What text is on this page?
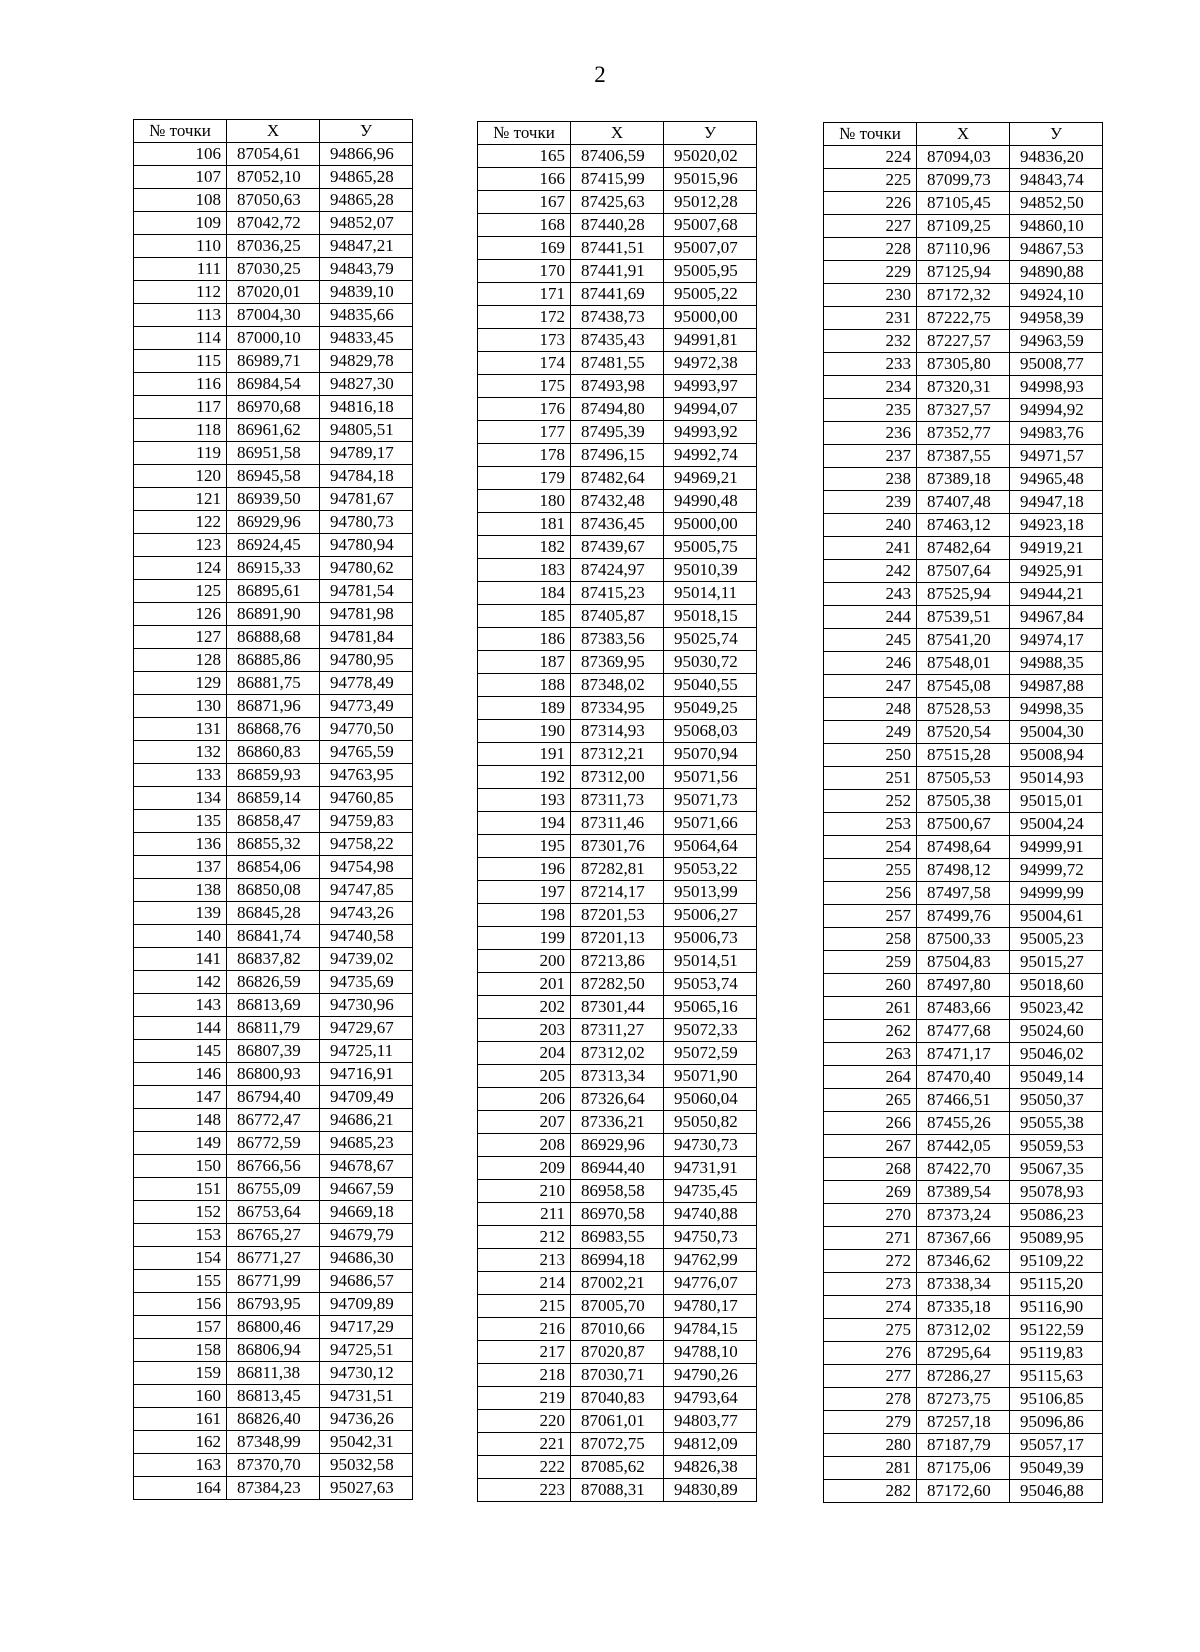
2
№ точки	X	У
106	87054,61	94866,96
107	87052,10	94865,28
108	87050,63	94865,28
109	87042,72	94852,07
110	87036,25	94847,21
111	87030,25	94843,79
112	87020,01	94839,10
113	87004,30	94835,66
114	87000,10	94833,45
115	86989,71	94829,78
116	86984,54	94827,30
117	86970,68	94816,18
118	86961,62	94805,51
119	86951,58	94789,17
120	86945,58	94784,18
121	86939,50	94781,67
122	86929,96	94780,73
123	86924,45	94780,94
124	86915,33	94780,62
125	86895,61	94781,54
126	86891,90	94781,98
127	86888,68	94781,84
128	86885,86	94780,95
129	86881,75	94778,49
130	86871,96	94773,49
131	86868,76	94770,50
132	86860,83	94765,59
133	86859,93	94763,95
134	86859,14	94760,85
135	86858,47	94759,83
136	86855,32	94758,22
137	86854,06	94754,98
138	86850,08	94747,85
139	86845,28	94743,26
140	86841,74	94740,58
141	86837,82	94739,02
142	86826,59	94735,69
143	86813,69	94730,96
144	86811,79	94729,67
145	86807,39	94725,11
146	86800,93	94716,91
147	86794,40	94709,49
148	86772,47	94686,21
149	86772,59	94685,23
150	86766,56	94678,67
151	86755,09	94667,59
152	86753,64	94669,18
153	86765,27	94679,79
154	86771,27	94686,30
155	86771,99	94686,57
156	86793,95	94709,89
157	86800,46	94717,29
158	86806,94	94725,51
159	86811,38	94730,12
160	86813,45	94731,51
161	86826,40	94736,26
162	87348,99	95042,31
163	87370,70	95032,58
164	87384,23	95027,63
№ точки	X	У
165	87406,59	95020,02
166	87415,99	95015,96
167	87425,63	95012,28
168	87440,28	95007,68
169	87441,51	95007,07
170	87441,91	95005,95
171	87441,69	95005,22
172	87438,73	95000,00
173	87435,43	94991,81
174	87481,55	94972,38
175	87493,98	94993,97
176	87494,80	94994,07
177	87495,39	94993,92
178	87496,15	94992,74
179	87482,64	94969,21
180	87432,48	94990,48
181	87436,45	95000,00
182	87439,67	95005,75
183	87424,97	95010,39
184	87415,23	95014,11
185	87405,87	95018,15
186	87383,56	95025,74
187	87369,95	95030,72
188	87348,02	95040,55
189	87334,95	95049,25
190	87314,93	95068,03
191	87312,21	95070,94
192	87312,00	95071,56
193	87311,73	95071,73
194	87311,46	95071,66
195	87301,76	95064,64
196	87282,81	95053,22
197	87214,17	95013,99
198	87201,53	95006,27
199	87201,13	95006,73
200	87213,86	95014,51
201	87282,50	95053,74
202	87301,44	95065,16
203	87311,27	95072,33
204	87312,02	95072,59
205	87313,34	95071,90
206	87326,64	95060,04
207	87336,21	95050,82
208	86929,96	94730,73
209	86944,40	94731,91
210	86958,58	94735,45
211	86970,58	94740,88
212	86983,55	94750,73
213	86994,18	94762,99
214	87002,21	94776,07
215	87005,70	94780,17
216	87010,66	94784,15
217	87020,87	94788,10
218	87030,71	94790,26
219	87040,83	94793,64
220	87061,01	94803,77
221	87072,75	94812,09
222	87085,62	94826,38
223	87088,31	94830,89
№ точки	X	У
224	87094,03	94836,20
225	87099,73	94843,74
226	87105,45	94852,50
227	87109,25	94860,10
228	87110,96	94867,53
229	87125,94	94890,88
230	87172,32	94924,10
231	87222,75	94958,39
232	87227,57	94963,59
233	87305,80	95008,77
234	87320,31	94998,93
235	87327,57	94994,92
236	87352,77	94983,76
237	87387,55	94971,57
238	87389,18	94965,48
239	87407,48	94947,18
240	87463,12	94923,18
241	87482,64	94919,21
242	87507,64	94925,91
243	87525,94	94944,21
244	87539,51	94967,84
245	87541,20	94974,17
246	87548,01	94988,35
247	87545,08	94987,88
248	87528,53	94998,35
249	87520,54	95004,30
250	87515,28	95008,94
251	87505,53	95014,93
252	87505,38	95015,01
253	87500,67	95004,24
254	87498,64	94999,91
255	87498,12	94999,72
256	87497,58	94999,99
257	87499,76	95004,61
258	87500,33	95005,23
259	87504,83	95015,27
260	87497,80	95018,60
261	87483,66	95023,42
262	87477,68	95024,60
263	87471,17	95046,02
264	87470,40	95049,14
265	87466,51	95050,37
266	87455,26	95055,38
267	87442,05	95059,53
268	87422,70	95067,35
269	87389,54	95078,93
270	87373,24	95086,23
271	87367,66	95089,95
272	87346,62	95109,22
273	87338,34	95115,20
274	87335,18	95116,90
275	87312,02	95122,59
276	87295,64	95119,83
277	87286,27	95115,63
278	87273,75	95106,85
279	87257,18	95096,86
280	87187,79	95057,17
281	87175,06	95049,39
282	87172,60	95046,88
